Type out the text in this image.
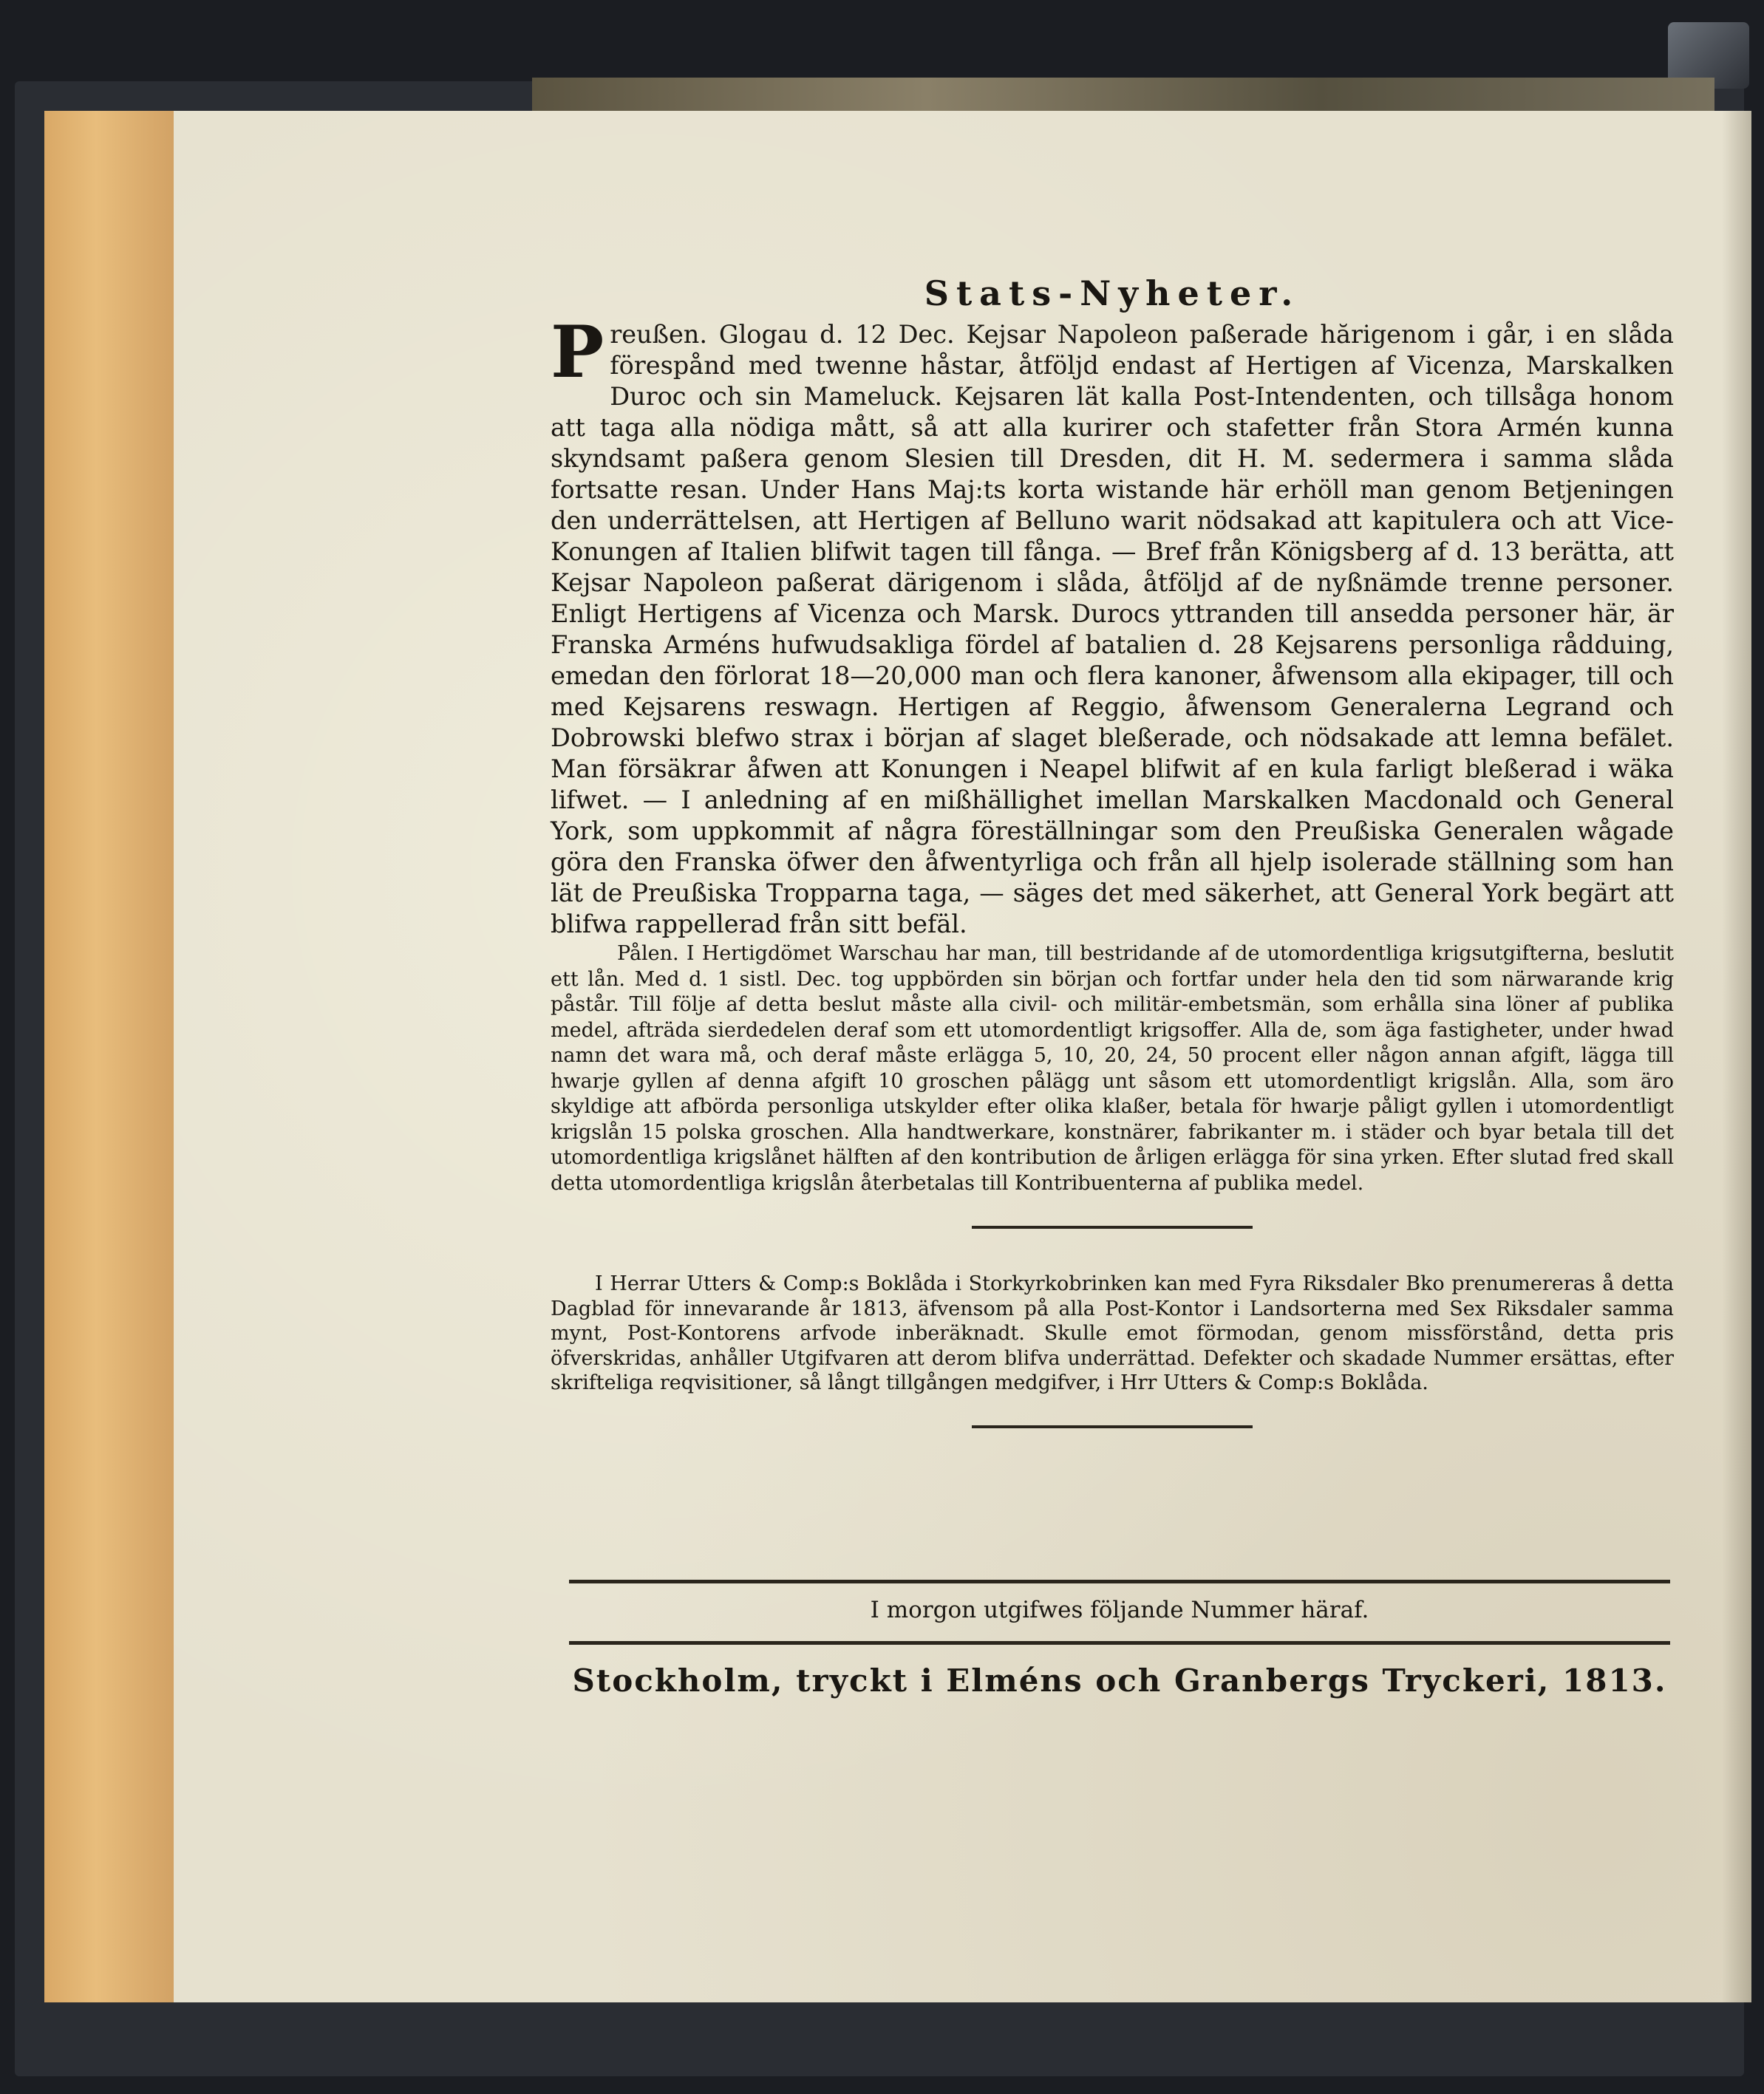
Stats-Nyheter.

Preußen. Glogau d. 12 Dec. Kejsar Napoleon paßerade hărigenom i går, i en slåda förespånd med twenne håstar, åtföljd endast af Hertigen af Vicenza, Marskalken Duroc och sin Mameluck. Kejsaren lät kalla Post-Intendenten, och tillsåga honom att taga alla nödiga mått, så att alla kurirer och stafetter från Stora Armén kunna skyndsamt paßera genom Slesien till Dresden, dit H. M. sedermera i samma slåda fortsatte resan. Under Hans Maj:ts korta wistande här erhöll man genom Betjeningen den underrättelsen, att Hertigen af Belluno warit nödsakad att kapitulera och att Vice-Konungen af Italien blifwit tagen till fånga. — Bref från Königsberg af d. 13 berätta, att Kejsar Napoleon paßerat därigenom i slåda, åtföljd af de nyßnämde trenne personer. Enligt Hertigens af Vicenza och Marsk. Durocs yttranden till ansedda personer här, är Franska Arméns hufwudsakliga fördel af batalien d. 28 Kejsarens personliga rådduing, emedan den förlorat 18—20,000 man och flera kanoner, åfwensom alla ekipager, till och med Kejsarens reswagn. Hertigen af Reggio, åfwensom Generalerna Legrand och Dobrowski blefwo strax i början af slaget bleßerade, och nödsakade att lemna befälet. Man försäkrar åfwen att Konungen i Neapel blifwit af en kula farligt bleßerad i wäka lifwet. — I anledning af en mißhällighet imellan Marskalken Macdonald och General York, som uppkommit af några föreställningar som den Preußiska Generalen wågade göra den Franska öfwer den åfwentyrliga och från all hjelp isolerade ställning som han lät de Preußiska Tropparna taga, — säges det med säkerhet, att General York begärt att blifwa rappellerad från sitt befäl.

Pålen. I Hertigdömet Warschau har man, till bestridande af de utomordentliga krigsutgifterna, beslutit ett lån. Med d. 1 sistl. Dec. tog uppbörden sin början och fortfar under hela den tid som närwarande krig påstår. Till följe af detta beslut måste alla civil- och militär-embetsmän, som erhålla sina löner af publika medel, afträda sierdedelen deraf som ett utomordentligt krigsoffer. Alla de, som äga fastigheter, under hwad namn det wara må, och deraf måste erlägga 5, 10, 20, 24, 50 procent eller någon annan afgift, lägga till hwarje gyllen af denna afgift 10 groschen pålägg unt såsom ett utomordentligt krigslån. Alla, som äro skyldige att afbörda personliga utskylder efter olika klaßer, betala för hwarje påligt gyllen i utomordentligt krigslån 15 polska groschen. Alla handtwerkare, konstnärer, fabrikanter m. i städer och byar betala till det utomordentliga krigslånet hälften af den kontribution de årligen erlägga för sina yrken. Efter slutad fred skall detta utomordentliga krigslån återbetalas till Kontribuenterna af publika medel.

I Herrar Utters & Comp:s Boklåda i Storkyrkobrinken kan med Fyra Riksdaler Bko prenumereras å detta Dagblad för innevarande år 1813, äfvensom på alla Post-Kontor i Landsorterna med Sex Riksdaler samma mynt, Post-Kontorens arfvode inberäknadt. Skulle emot förmodan, genom missförstånd, detta pris öfverskridas, anhåller Utgifvaren att derom blifva underrättad. Defekter och skadade Nummer ersättas, efter skrifteliga reqvisitioner, så långt tillgången medgifver, i Hrr Utters & Comp:s Boklåda.

I morgon utgifwes följande Nummer häraf.

Stockholm, tryckt i Elméns och Granbergs Tryckeri, 1813.
